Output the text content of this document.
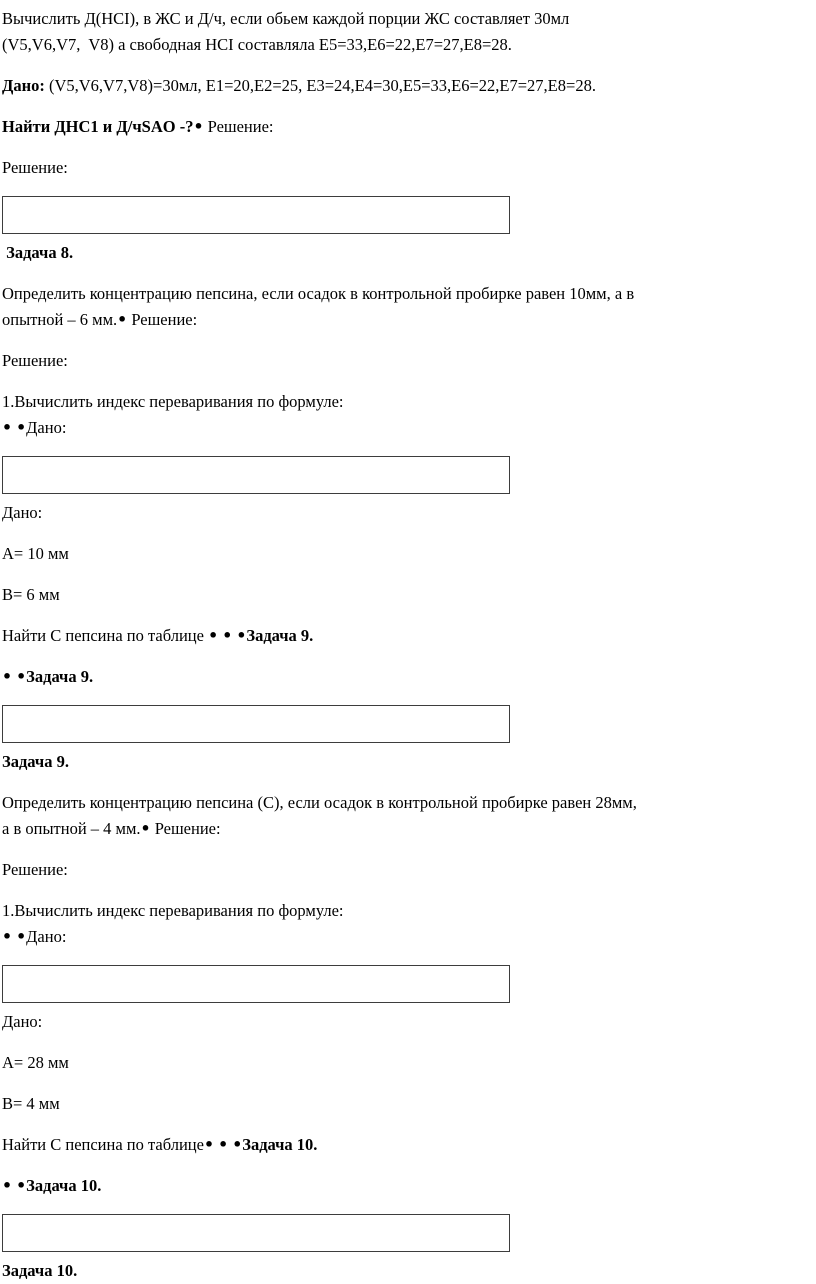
Вычислить Д(HCI), в ЖС и Д/ч, если обьем каждой порции ЖС составляет 30мл
(V5,V6,V7,  V8) а свободная HCI составляла Е5=33,Е6=22,Е7=27,Е8=28.

Дано: (V5,V6,V7,V8)=30мл, Е1=20,Е2=25, Е3=24,Е4=30,Е5=33,Е6=22,Е7=27,Е8=28.

Найти ДНС1 и Д/чSAO -?• Решение:

Решение:

Задача 8.

Определить концентрацию пепсина, если осадок в контрольной пробирке равен 10мм, а в
опытной – 6 мм.• Решение:

Решение:

1.Вычислить индекс переваривания по формуле:
• •Дано:

Дано:

А= 10 мм

В= 6 мм

Найти С пепсина по таблице • • •Задача 9.

• •Задача 9.

Задача 9.

Определить концентрацию пепсина (С), если осадок в контрольной пробирке равен 28мм,
а в опытной – 4 мм.• Решение:

Решение:

1.Вычислить индекс переваривания по формуле:
• •Дано:

Дано:

А= 28 мм

В= 4 мм

Найти С пепсина по таблице• • •Задача 10.

• •Задача 10.

Задача 10.
